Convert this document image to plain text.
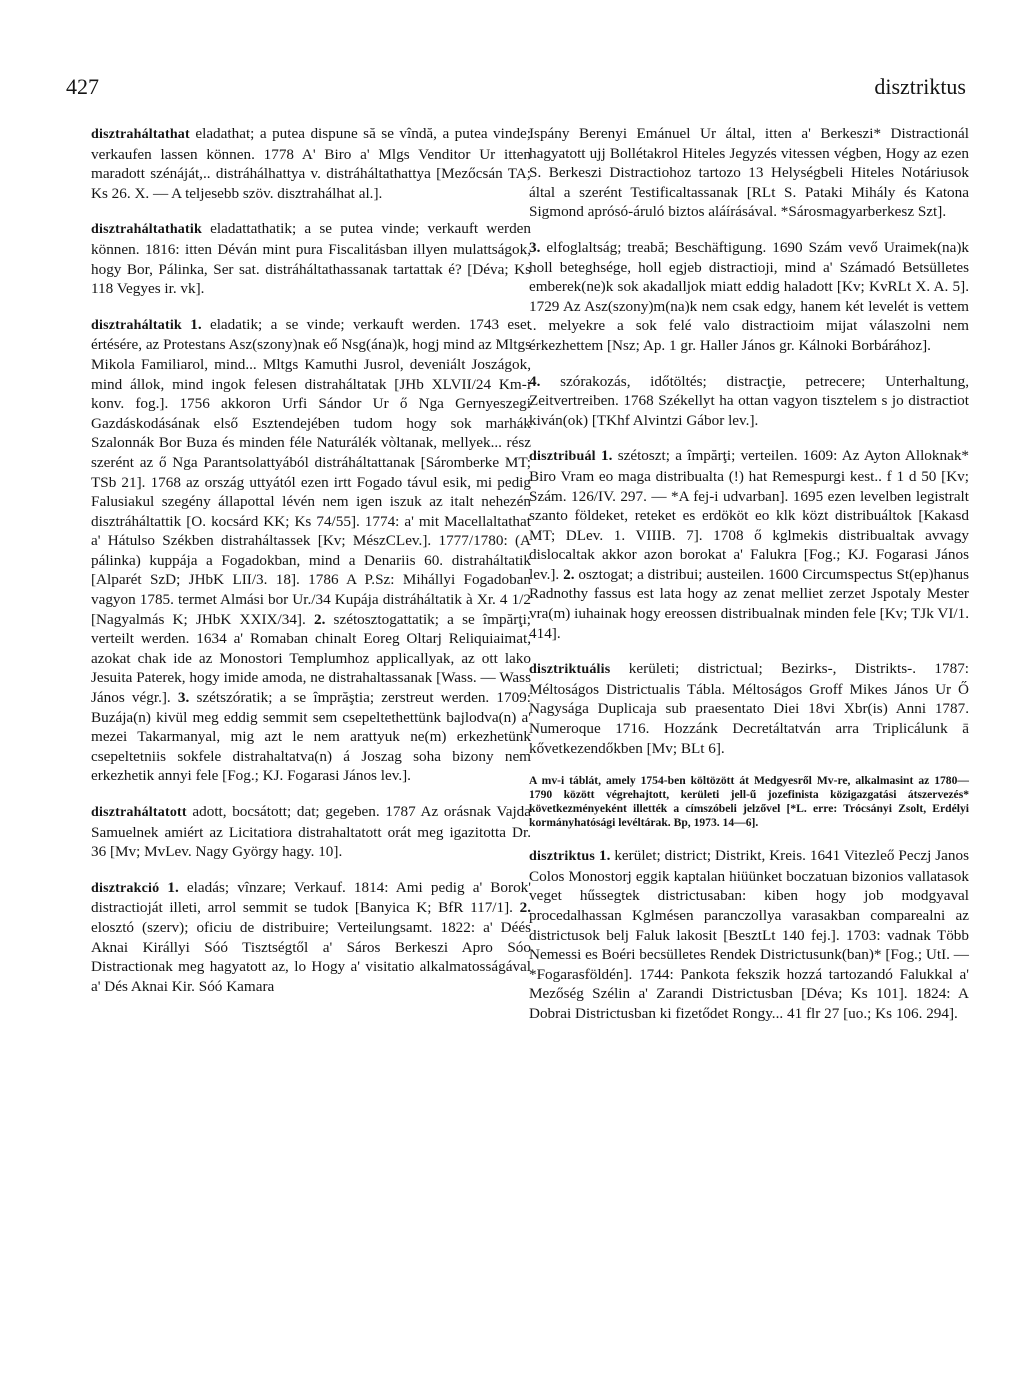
427	disztriktus

disztraháltathat eladathat; a putea dispune să se vîndă, a putea vinde; verkaufen lassen können. 1778 A' Biro a' Mlgs Venditor Ur itten maradott szénáját,.. distráhálhattya v. distráháltathattya [Mezőcsán TA; Ks 26. X. — A teljesebb szöv. disztrahálhat al.].

disztraháltathatik eladattathatik; a se putea vinde; verkauft werden können. 1816: itten Déván mint pura Fiscalitásban illyen mulattságok, hogy Bor, Pálinka, Ser sat. distráháltathassanak tartattak é? [Déva; Ks 118 Vegyes ir. vk].

disztraháltatik 1. eladatik; a se vinde; verkauft werden. 1743 eset értésére, az Protestans Asz(szony)nak eő Nsg(ána)k, hogj mind az Mltgs Mikola Familiarol, mind... Mltgs Kamuthi Jusrol, deveniált Joszágok, mind állok, mind ingok felesen distraháltatak [JHb XLVII/24 Km-i konv. fog.]. 1756 akkoron Urfi Sándor Ur ő Nga Gernyeszegi Gazdáskodásának első Esztendejében tudom hogy sok marhák Szalonnák Bor Buza és minden féle Naturálék vòltanak, mellyek... rész szerént az ő Nga Parantsolattyából distráháltattanak [Sáromberke MT; TSb 21]. 1768 az ország uttyától ezen irtt Fogado távul esik, mi pedig Falusiakul szegény állapottal lévén nem igen iszuk az italt nehezén disztráháltattik [O. kocsárd KK; Ks 74/55]. 1774: a' mit Macellaltathat a' Hátulso Székben distraháltassek [Kv; MészCLev.]. 1777/1780: (A pálinka) kuppája a Fogadokban, mind a Denariis 60. distraháltatik [Alparét SzD; JHbK LII/3. 18]. 1786 A P.Sz: Mihállyi Fogadoban vagyon 1785. termet Almási bor Ur./34 Kupája distráháltatik à Xr. 4 1/2 [Nagyalmás K; JHbK XXIX/34]. 2. szétosztogattatik; a se împărţi; verteilt werden. 1634 a' Romaban chinalt Eoreg Oltarj Reliquiaimat, azokat chak ide az Monostori Templumhoz applicallyak, az ott lako Jesuita Paterek, hogy imide amoda, ne distrahaltassanak [Wass. — Wass János végr.]. 3. szétszóratik; a se împrăştia; zerstreut werden. 1709: Buzája(n) kivül meg eddig semmit sem csepeltethettünk bajlodva(n) a' mezei Takarmanyal, mig azt le nem arattyuk ne(m) erkezhetünk csepeltetniis sokfele distrahaltatva(n) á Joszag soha bizony nem erkezhetik annyi fele [Fog.; KJ. Fogarasi János lev.].

disztraháltatott adott, bocsátott; dat; gegeben. 1787 Az orásnak Vajda Samuelnek amiért az Licitatiora distrahaltatott orát meg igazitotta Dr. 36 [Mv; MvLev. Nagy György hagy. 10].

disztrakció 1. eladás; vînzare; Verkauf. 1814: Ami pedig a' Borok' distractioját illeti, arrol semmit se tudok [Banyica K; BfR 117/1]. 2. elosztó (szerv); oficiu de distribuire; Verteilungsamt. 1822: a' Déés Aknai Királlyi Sóó Tisztségtől a' Sáros Berkeszi Apro Sóo Distractionak meg hagyatott az, lo Hogy a' visitatio alkalmatosságával a' Dés Aknai Kir. Sóó Kamara

Ispány Berenyi Emánuel Ur által, itten a' Berkeszi* Distractionál hagyatott ujj Bollétakrol Hiteles Jegyzés vitessen végben, Hogy az ezen S. Berkeszi Distractiohoz tartozo 13 Helységbeli Hiteles Notáriusok által a szerént Testificaltassanak [RLt S. Pataki Mihály és Katona Sigmond aprósó-áruló biztos aláírásával. *Sárosmagyarberkesz Szt].

3. elfoglaltság; treabă; Beschäftigung. 1690 Szám vevő Uraimek(na)k holl beteghsége, holl egjeb distractioji, mind a' Számadó Betsülletes emberek(ne)k sok akadalljok miatt eddig haladott [Kv; KvRLt X. A. 5]. 1729 Az Asz(szony)m(na)k nem csak edgy, hanem két levelét is vettem .. melyekre a sok felé valo distractioim mijat válaszolni nem érkezhettem [Nsz; Ap. 1 gr. Haller János gr. Kálnoki Borbárához].

4. szórakozás, időtöltés; distracţie, petrecere; Unterhaltung, Zeitvertreiben. 1768 Székellyt ha ottan vagyon tisztelem s jo distractiot kiván(ok) [TKhf Alvintzi Gábor lev.].

disztribuál 1. szétoszt; a împărţi; verteilen. 1609: Az Ayton Alloknak* Biro Vram eo maga distribualta (!) hat Remespurgi kest.. f 1 d 50 [Kv; Szám. 126/IV. 297. — *A fej-i udvarban]. 1695 ezen levelben legistralt szanto földeket, reteket es erdököt eo klk közt distribuáltok [Kakasd MT; DLev. 1. VIIIB. 7]. 1708 ő kglmekis distribualtak avvagy dislocaltak akkor azon borokat a' Falukra [Fog.; KJ. Fogarasi János lev.]. 2. osztogat; a distribui; austeilen. 1600 Circumspectus St(ep)hanus Radnothy fassus est lata hogy az zenat melliet zerzet Jspotaly Mester vra(m) iuhainak hogy ereossen distribualnak minden fele [Kv; TJk VI/1. 414].

disztriktuális kerületi; districtual; Bezirks-, Distrikts-. 1787: Méltoságos Districtualis Tábla. Méltoságos Groff Mikes János Ur Ő Nagysága Duplicaja sub praesentato Diei 18vi Xbr(is) Anni 1787. Numeroque 1716. Hozzánk Decretáltatván arra Triplicálunk ā kővetkezendőkben [Mv; BLt 6].

A mv-i táblát, amely 1754-ben költözött át Medgyesről Mv-re, alkalmasint az 1780—1790 között végrehajtott, kerületi jell-ű jozefinista közigazgatási átszervezés* következményeként illették a címszóbeli jelzővel [*L. erre: Trócsányi Zsolt, Erdélyi kormányhatósági levéltárak. Bp, 1973. 14—6].

disztriktus 1. kerület; district; Distrikt, Kreis. 1641 Vitezleő Peczj Janos Colos Monostorj eggik kaptalan hiüünket boczatuan bizonios vallatasok veget hűssegtek districtusaban: kiben hogy job modgyaval procedalhassan Kglmésen paranczollya varasakban comparealni az districtusok belj Faluk lakosit [BesztLt 140 fej.]. 1703: vadnak Több Nemessi es Boéri becsülletes Rendek Districtusunk(ban)* [Fog.; UtI. — *Fogarasföldén]. 1744: Pankota fekszik hozzá tartozandó Falukkal a' Mezőség Szélin a' Zarandi Districtusban [Déva; Ks 101]. 1824: A Dobrai Districtusban ki fizetődet Rongy... 41 flr 27 [uo.; Ks 106. 294].
